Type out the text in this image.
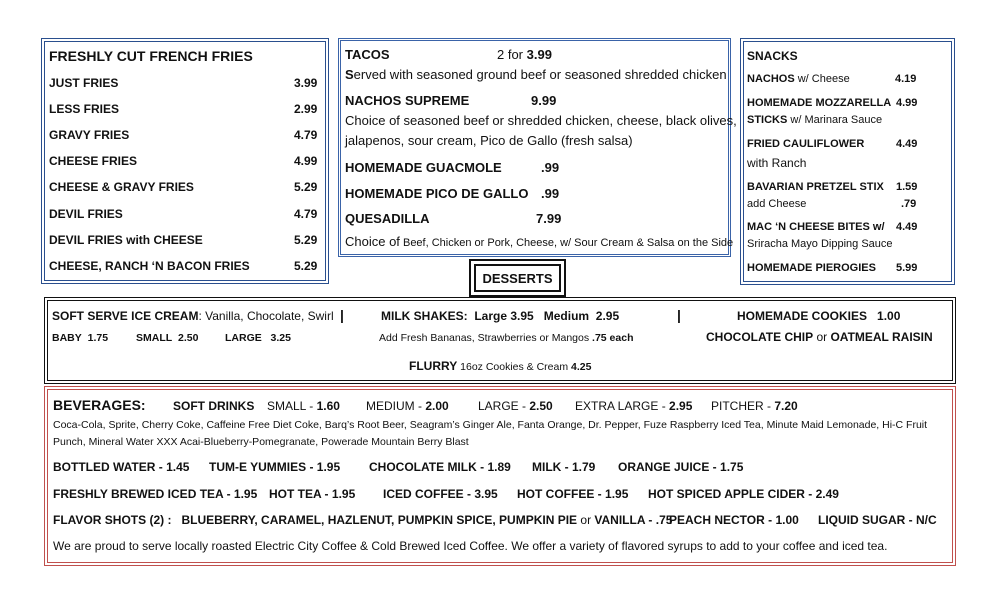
FRESHLY CUT FRENCH FRIES
JUST FRIES	3.99
LESS FRIES	2.99
GRAVY FRIES	4.79
CHEESE FRIES	4.99
CHEESE & GRAVY FRIES	5.29
DEVIL FRIES	4.79
DEVIL FRIES with CHEESE	5.29
CHEESE, RANCH ‘N BACON FRIES	5.29
TACOS	2 for 3.99
Served with seasoned ground beef or seasoned shredded chicken
NACHOS SUPREME	9.99
Choice of seasoned beef or shredded chicken, cheese, black olives,
jalapenos, sour cream, Pico de Gallo (fresh salsa)
HOMEMADE GUACMOLE	.99
HOMEMADE PICO DE GALLO .99
QUESADILLA	7.99
Choice of Beef, Chicken or Pork, Cheese, w/ Sour Cream & Salsa on the Side
SNACKS
NACHOS w/ Cheese	4.19
HOMEMADE MOZZARELLA 4.99
STICKS w/ Marinara Sauce
FRIED CAULIFLOWER	4.49
with Ranch
BAVARIAN PRETZEL STIX 1.59
add Cheese	.79
MAC ‘N CHEESE BITES w/ 4.49
Sriracha Mayo Dipping Sauce
HOMEMADE PIEROGIES 5.99
DESSERTS
SOFT SERVE ICE CREAM: Vanilla, Chocolate, Swirl |	MILK SHAKES: Large 3.95 Medium 2.95	|	HOMEMADE COOKIES 1.00
BABY 1.75	SMALL 2.50	LARGE 3.25	Add Fresh Bananas, Strawberries or Mangos .75 each	CHOCOLATE CHIP or OATMEAL RAISIN
FLURRY 16oz Cookies & Cream 4.25
BEVERAGES: SOFT DRINKS SMALL - 1.60 MEDIUM - 2.00 LARGE - 2.50 EXTRA LARGE - 2.95 PITCHER - 7.20
Coca-Cola, Sprite, Cherry Coke, Caffeine Free Diet Coke, Barq’s Root Beer, Seagram’s Ginger Ale, Fanta Orange, Dr. Pepper, Fuze Raspberry Iced Tea, Minute Maid Lemonade, Hi-C Fruit
Punch, Mineral Water XXX Acai-Blueberry-Pomegranate, Powerade Mountain Berry Blast
BOTTLED WATER - 1.45 TUM-E YUMMIES - 1.95 CHOCOLATE MILK - 1.89 MILK - 1.79 ORANGE JUICE - 1.75
FRESHLY BREWED ICED TEA - 1.95 HOT TEA - 1.95 ICED COFFEE - 3.95 HOT COFFEE - 1.95 HOT SPICED APPLE CIDER - 2.49
FLAVOR SHOTS (2) : BLUEBERRY, CARAMEL, HAZLENUT, PUMPKIN SPICE, PUMPKIN PIE or VANILLA - .75
PEACH NECTOR - 1.00 LIQUID SUGAR - N/C
We are proud to serve locally roasted Electric City Coffee & Cold Brewed Iced Coffee. We offer a variety of flavored syrups to add to your coffee and iced tea.
